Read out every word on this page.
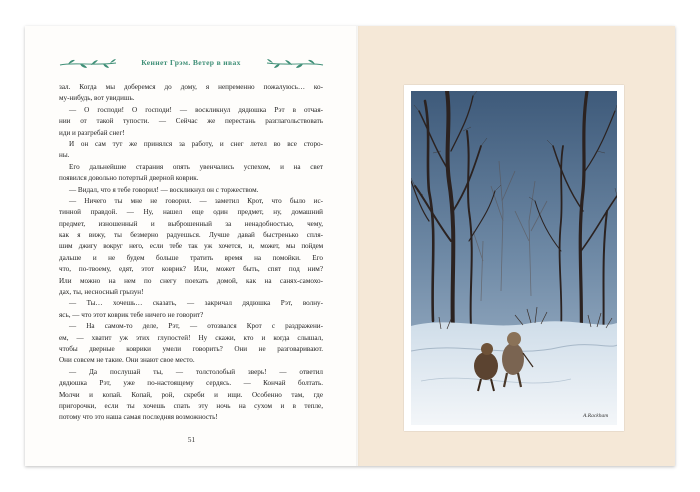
Кеннет Грэм. Ветер в ивах
зал. Когда мы доберемся до дому, я непременно пожалуюсь… ко-
му-нибудь, вот увидишь.
— О господи! О господи! — воскликнул дядюшка Рэт в отчая-
нии от такой тупости. — Сейчас же перестань разглагольствовать
иди и разгребай снег!
И он сам тут же принялся за работу, и снег летел во все сторо-
ны.
Его дальнейшие старания опять увенчались успехом, и на свет
появился довольно потертый дверной коврик.
— Видал, что я тебе говорил! — воскликнул он с торжеством.
— Ничего ты мне не говорил. — заметил Крот, что было ис-
тинной правдой. — Ну, нашел еще один предмет, ну, домашний
предмет, изношенный и выброшенный за ненадобностью, чему,
как я вижу, ты безмерно радуешься. Лучше давай быстренько спля-
шим джигу вокруг него, если тебе так уж хочется, и, может, мы пойдем
дальше и не будем больше тратить время на помойки. Его
что, по-твоему, едят, этот коврик? Или, может быть, спят под ним?
Или можно на нем по снегу поехать домой, как на санях-самохо-
дах, ты, несносный грызун!
— Ты… хочешь… сказать, — закричал дядюшка Рэт, волну-
ясь, — что этот коврик тебе ничего не говорит?
— На самом-то деле, Рэт, — отозвался Крот с раздражени-
ем, — хватит уж этих глупостей! Ну скажи, кто и когда слышал,
чтобы дверные коврики умели говорить? Они не разговаривают.
Они совсем не такие. Они знают свое место.
— Да послушай ты, — толстолобый зверь! — ответил
дядюшка Рэт, уже по-настоящему сердясь. — Кончай болтать.
Молчи и копай. Копай, рой, скреби и ищи. Особенно там, где
пригорочки, если ты хочешь спать эту ночь на сухом и в тепле,
потому что это наша самая последняя возможность!
51
A.Rackham
